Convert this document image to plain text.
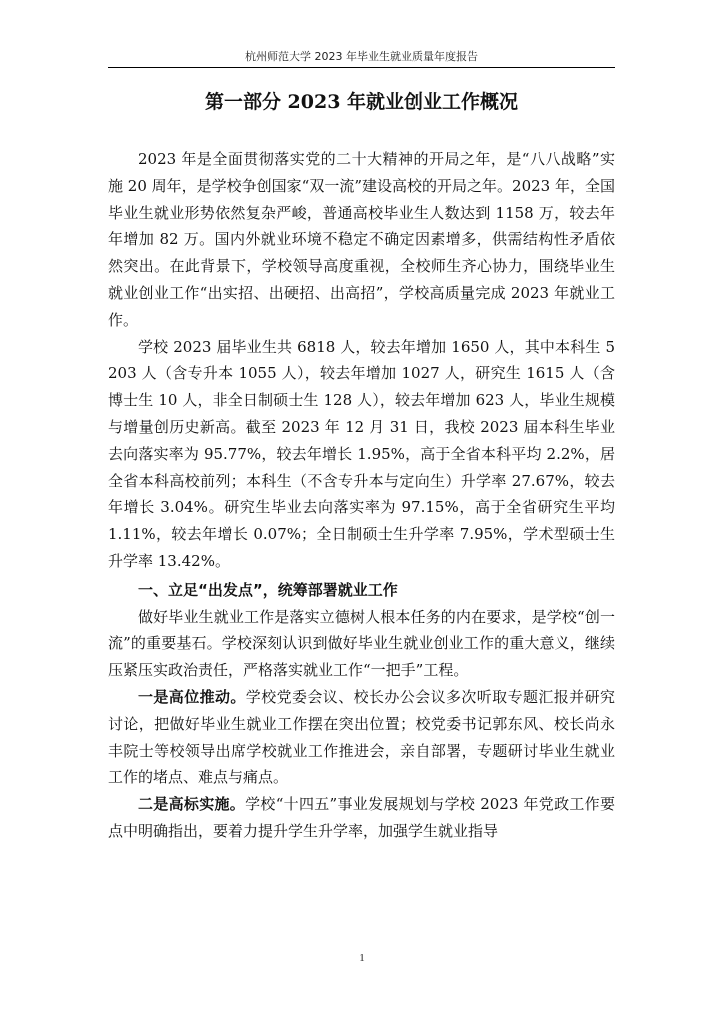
杭州师范大学 2023 年毕业生就业质量年度报告
第一部分 2023 年就业创业工作概况

2023 年是全面贯彻落实党的二十大精神的开局之年，是“八八战略”实施 20 周年，是学校争创国家“双一流”建设高校的开局之年。2023 年，全国毕业生就业形势依然复杂严峻，普通高校毕业生人数达到 1158 万，较去年年增加 82 万。国内外就业环境不稳定不确定因素增多，供需结构性矛盾依然突出。在此背景下，学校领导高度重视，全校师生齐心协力，围绕毕业生就业创业工作“出实招、出硬招、出高招”，学校高质量完成 2023 年就业工作。

学校 2023 届毕业生共 6818 人，较去年增加 1650 人，其中本科生 5203 人（含专升本 1055 人），较去年增加 1027 人，研究生 1615 人（含博士生 10 人，非全日制硕士生 128 人），较去年增加 623 人，毕业生规模与增量创历史新高。截至 2023 年 12 月 31 日，我校 2023 届本科生毕业去向落实率为 95.77%，较去年增长 1.95%，高于全省本科平均 2.2%，居全省本科高校前列；本科生（不含专升本与定向生）升学率 27.67%，较去年增长 3.04%。研究生毕业去向落实率为 97.15%，高于全省研究生平均 1.11%，较去年增长 0.07%；全日制硕士生升学率 7.95%，学术型硕士生升学率 13.42%。

一、立足“出发点”，统筹部署就业工作

做好毕业生就业工作是落实立德树人根本任务的内在要求，是学校“创一流”的重要基石。学校深刻认识到做好毕业生就业创业工作的重大意义，继续压紧压实政治责任，严格落实就业工作“一把手”工程。

一是高位推动。学校党委会议、校长办公会议多次听取专题汇报并研究讨论，把做好毕业生就业工作摆在突出位置；校党委书记郭东风、校长尚永丰院士等校领导出席学校就业工作推进会，亲自部署，专题研讨毕业生就业工作的堵点、难点与痛点。

二是高标实施。学校“十四五”事业发展规划与学校 2023 年党政工作要点中明确指出，要着力提升学生升学率，加强学生就业指导

1
